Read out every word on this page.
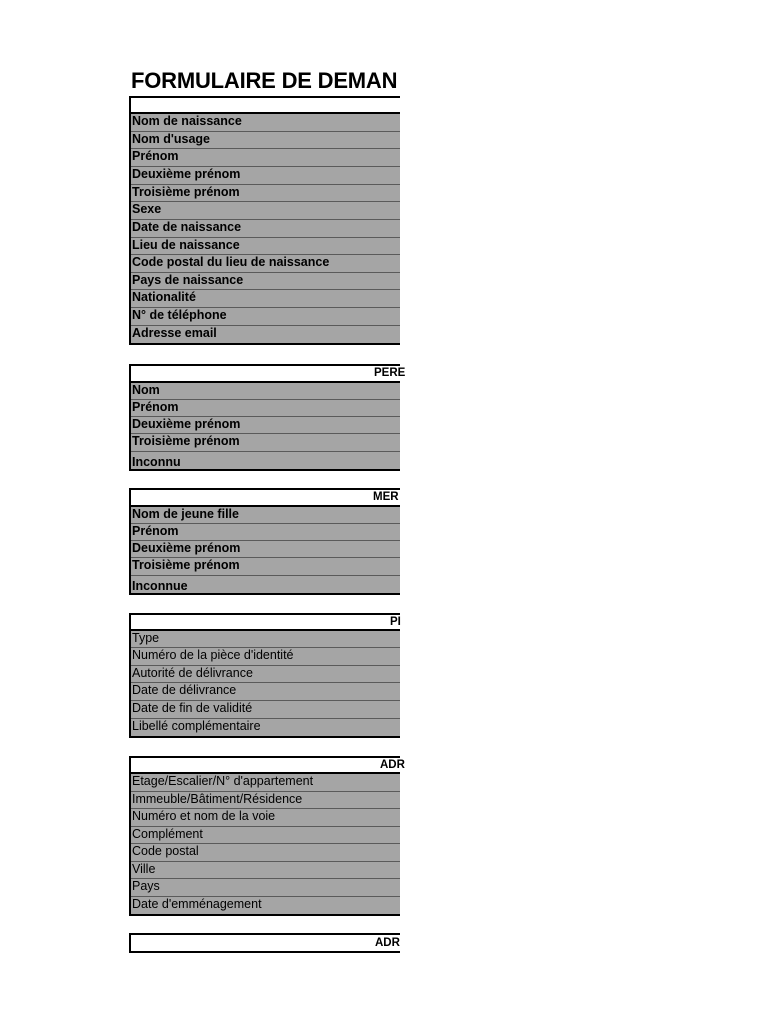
FORMULAIRE DE DEMAN
Nom de naissance
Nom d'usage
Prénom
Deuxième prénom
Troisième prénom
Sexe
Date de naissance
Lieu de naissance
Code postal du lieu de naissance
Pays de naissance
Nationalité
N° de téléphone
Adresse email
PERE
Nom
Prénom
Deuxième prénom
Troisième prénom
Inconnu
MER
Nom de jeune fille
Prénom
Deuxième prénom
Troisième prénom
Inconnue
PI
Type
Numéro de la pièce d'identité
Autorité de délivrance
Date de délivrance
Date de fin de validité
Libellé complémentaire
ADR
Etage/Escalier/N° d'appartement
Immeuble/Bâtiment/Résidence
Numéro et nom de la voie
Complément
Code postal
Ville
Pays
Date d'emménagement
ADR
